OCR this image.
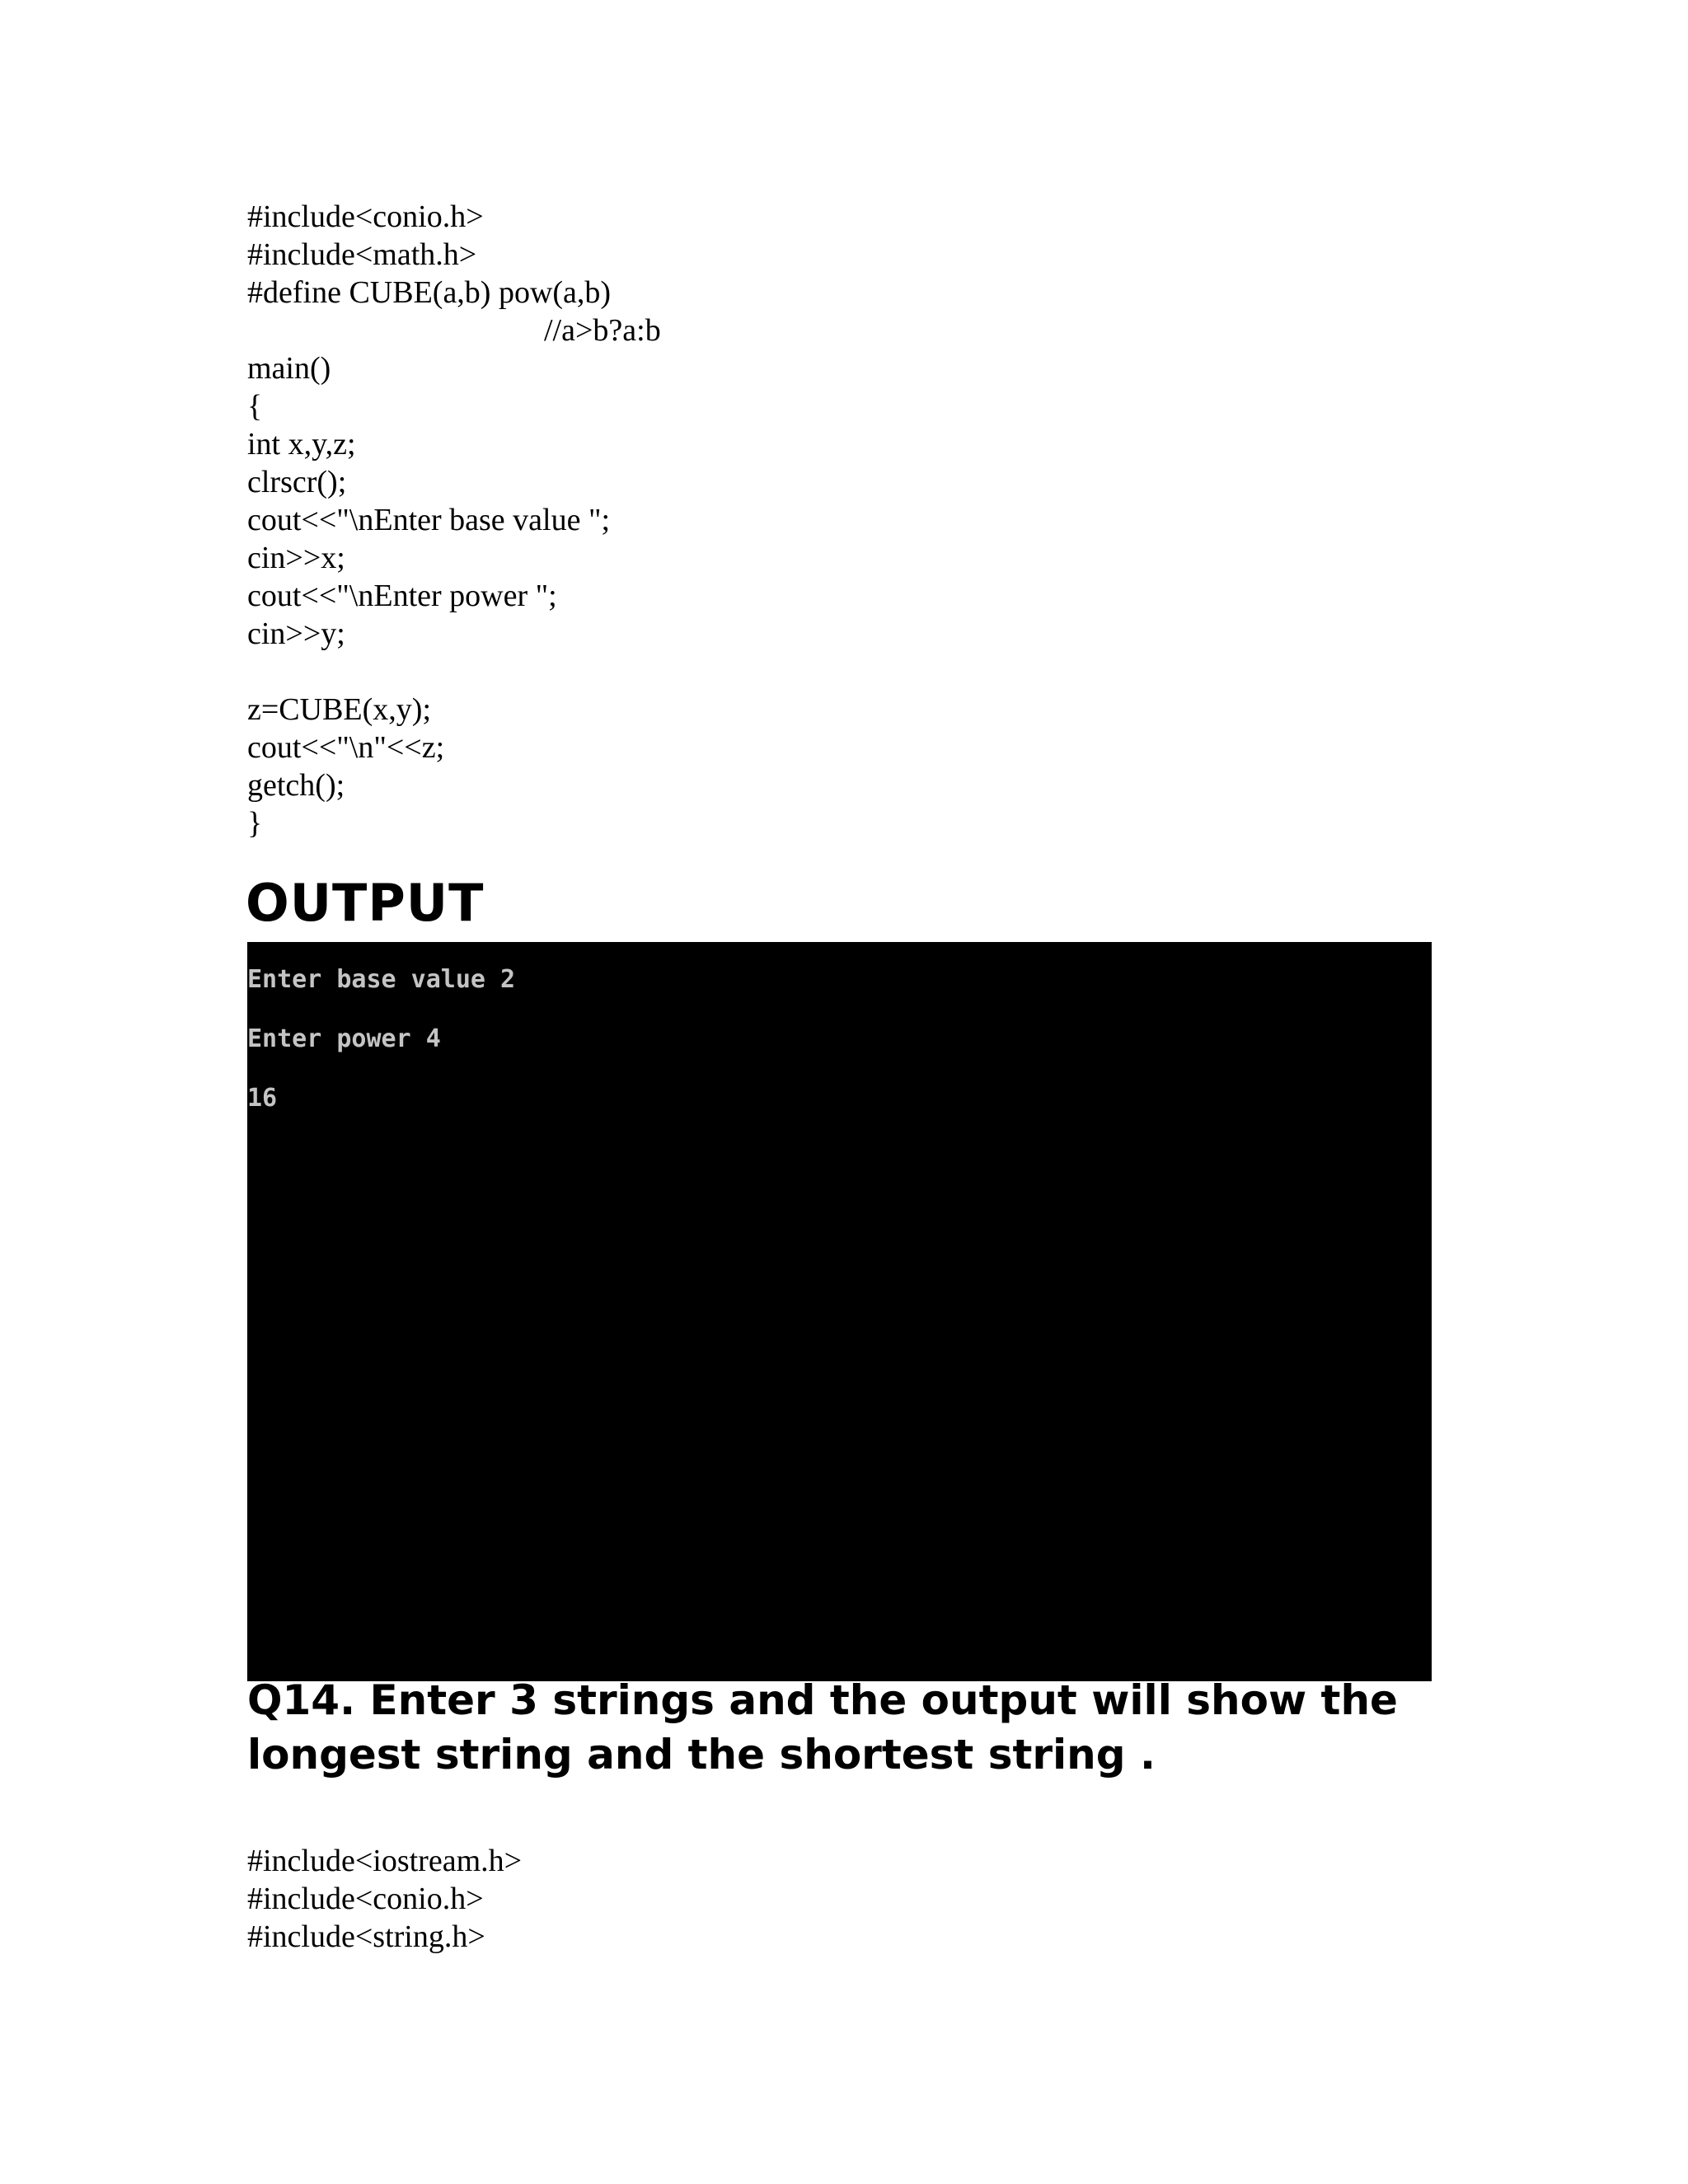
#include<conio.h>

#include<math.h>

#define CUBE(a,b) pow(a,b)

//a>b?a:b

main()

{

int x,y,z;

clrscr();

cout<<"\nEnter base value ";

cin>>x;

cout<<"\nEnter power ";

cin>>y;

z=CUBE(x,y);

cout<<"\n"<<z;

getch();

}

OUTPUT

Enter base value 2

Enter power 4

16

Q14. Enter 3 strings and the output will show the longest string and the shortest string .

#include<iostream.h>

#include<conio.h>

#include<string.h>
